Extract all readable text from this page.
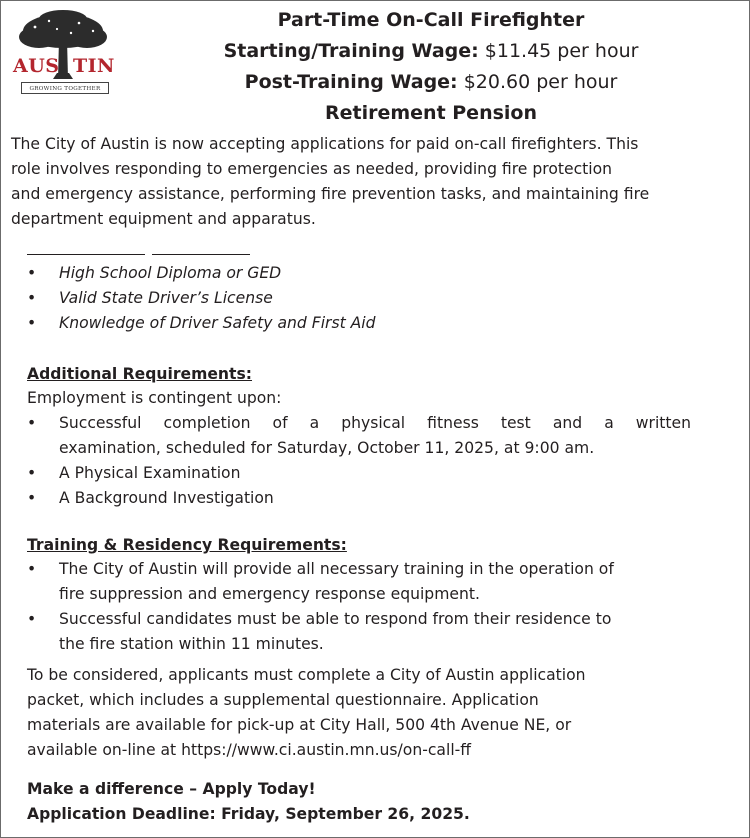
AUS TIN
GROWING TOGETHER
Part-Time On-Call Firefighter
Starting/Training Wage: $11.45 per hour
Post-Training Wage: $20.60 per hour
Retirement Pension
The City of Austin is now accepting applications for paid on-call firefighters. This
role involves responding to emergencies as needed, providing fire protection
and emergency assistance, performing fire prevention tasks, and maintaining fire
department equipment and apparatus.
• High School Diploma or GED
• Valid State Driver’s License
• Knowledge of Driver Safety and First Aid
Additional Requirements:
Employment is contingent upon:
•	Successful completion of a physical fitness test and a written
examination, scheduled for Saturday, October 11, 2025, at 9:00 am.
• A Physical Examination
• A Background Investigation
Training & Residency Requirements:
• The City of Austin will provide all necessary training in the operation of
fire suppression and emergency response equipment.
• Successful candidates must be able to respond from their residence to
the fire station within 11 minutes.
To be considered, applicants must complete a City of Austin application
packet, which includes a supplemental questionnaire. Application
materials are available for pick-up at City Hall, 500 4th Avenue NE, or
available on-line at https://www.ci.austin.mn.us/on-call-ff
Make a difference – Apply Today!
Application Deadline: Friday, September 26, 2025.
